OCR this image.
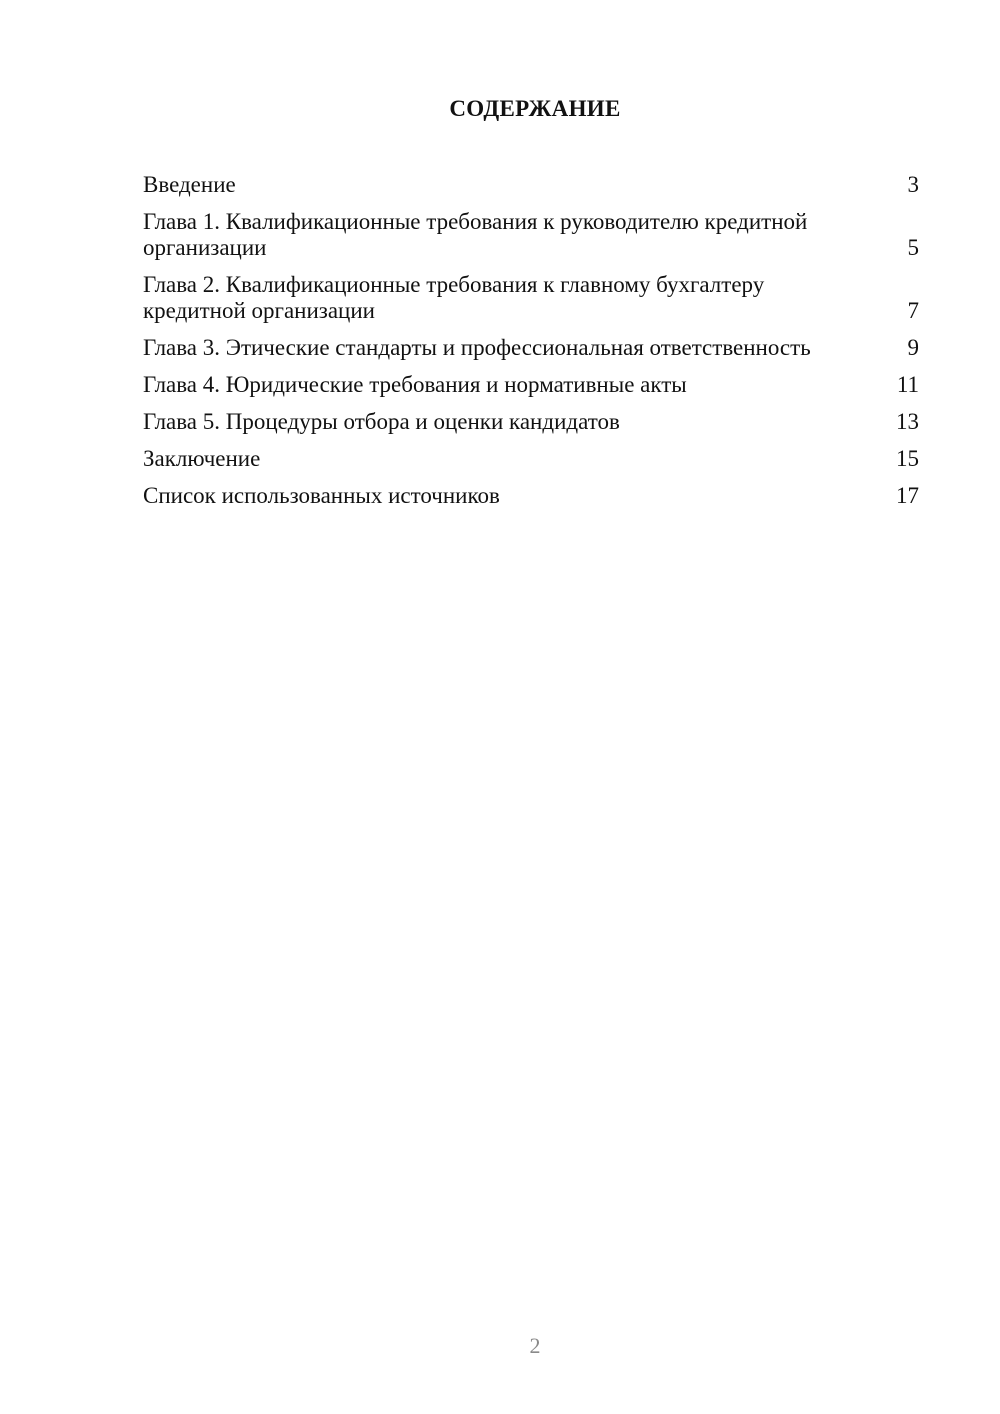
СОДЕРЖАНИЕ
Введение	3
Глава 1. Квалификационные требования к руководителю кредитной организации	5
Глава 2. Квалификационные требования к главному бухгалтеру кредитной организации	7
Глава 3. Этические стандарты и профессиональная ответственность	9
Глава 4. Юридические требования и нормативные акты	11
Глава 5. Процедуры отбора и оценки кандидатов	13
Заключение	15
Список использованных источников	17
2
